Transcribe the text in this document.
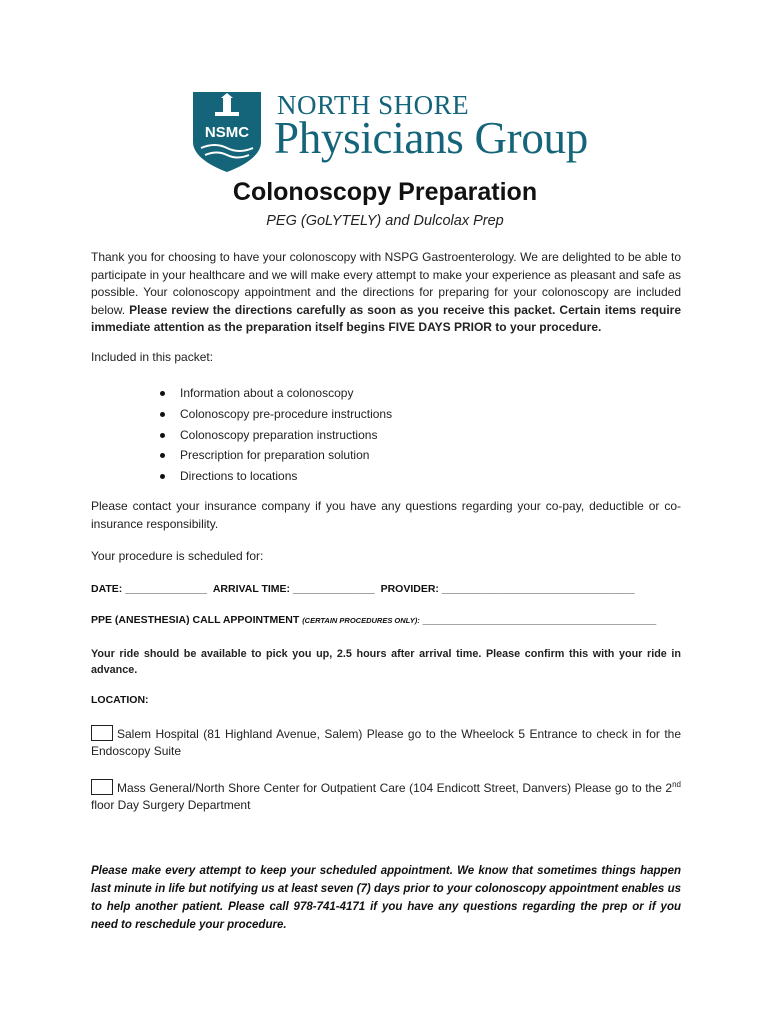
NSMC
NORTH SHORE
Physicians Group
Colonoscopy Preparation
PEG (GoLYTELY) and Dulcolax Prep
Thank you for choosing to have your colonoscopy with NSPG Gastroenterology. We are delighted to be able to participate in your healthcare and we will make every attempt to make your experience as pleasant and safe as possible. Your colonoscopy appointment and the directions for preparing for your colonoscopy are included below. Please review the directions carefully as soon as you receive this packet. Certain items require immediate attention as the preparation itself begins FIVE DAYS PRIOR to your procedure.
Included in this packet:
Information about a colonoscopy
Colonoscopy pre-procedure instructions
Colonoscopy preparation instructions
Prescription for preparation solution
Directions to locations
Please contact your insurance company if you have any questions regarding your co-pay, deductible or co-insurance responsibility.
Your procedure is scheduled for:
DATE: ______________ ARRIVAL TIME: ______________ PROVIDER: _________________________________
PPE (ANESTHESIA) CALL APPOINTMENT (CERTAIN PROCEDURES ONLY): ________________________________________
Your ride should be available to pick you up, 2.5 hours after arrival time. Please confirm this with your ride in advance.
LOCATION:
Salem Hospital (81 Highland Avenue, Salem) Please go to the Wheelock 5 Entrance to check in for the Endoscopy Suite
Mass General/North Shore Center for Outpatient Care (104 Endicott Street, Danvers) Please go to the 2nd floor Day Surgery Department
Please make every attempt to keep your scheduled appointment. We know that sometimes things happen last minute in life but notifying us at least seven (7) days prior to your colonoscopy appointment enables us to help another patient. Please call 978-741-4171 if you have any questions regarding the prep or if you need to reschedule your procedure.
